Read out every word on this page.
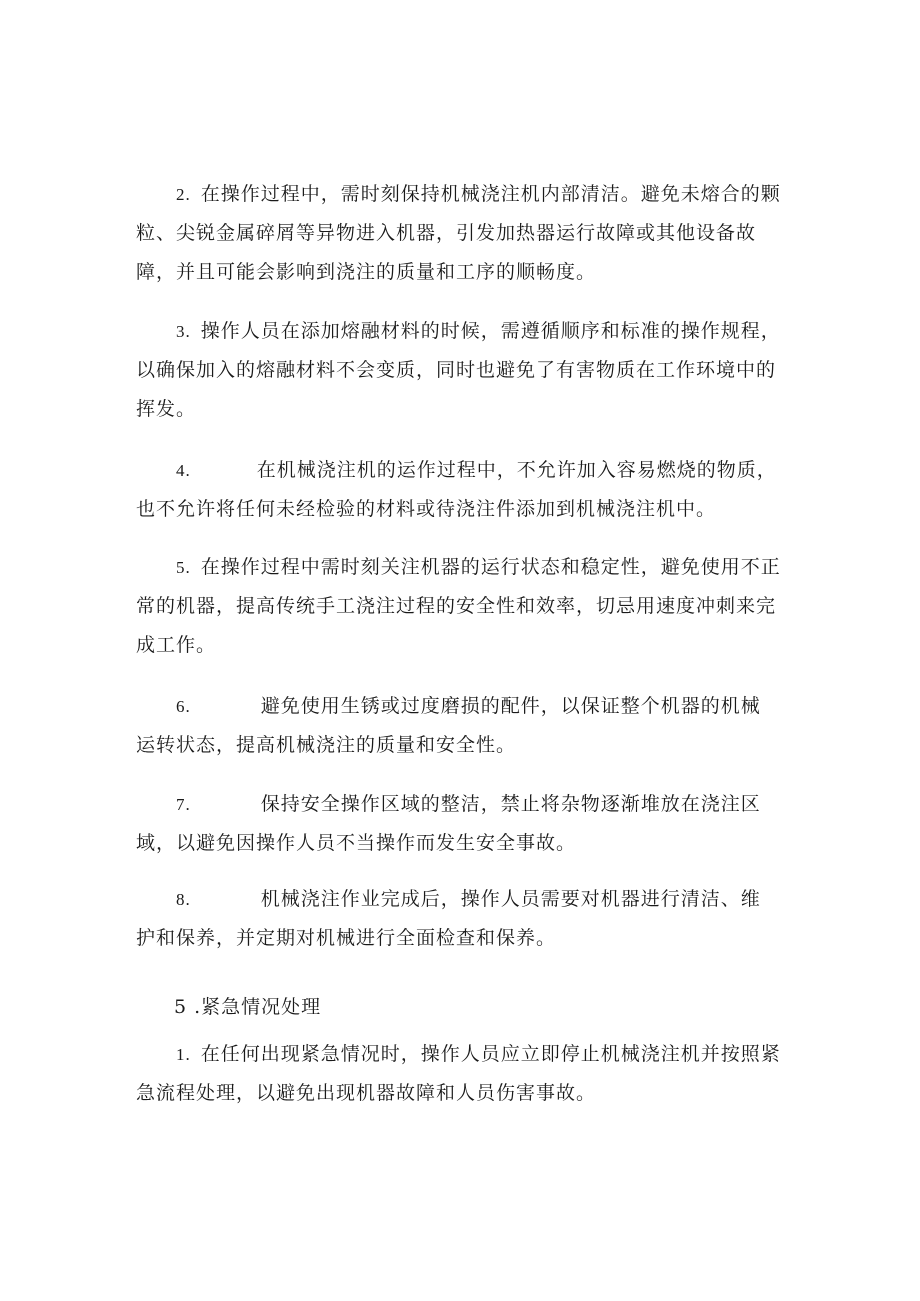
2. 在操作过程中，需时刻保持机械浇注机内部清洁。避免未熔合的颗
粒、尖锐金属碎屑等异物进入机器，引发加热器运行故障或其他设备故
障，并且可能会影响到浇注的质量和工序的顺畅度。
3. 操作人员在添加熔融材料的时候，需遵循顺序和标准的操作规程，
以确保加入的熔融材料不会变质，同时也避免了有害物质在工作环境中的
挥发。
4.	在机械浇注机的运作过程中，不允许加入容易燃烧的物质，
也不允许将任何未经检验的材料或待浇注件添加到机械浇注机中。
5. 在操作过程中需时刻关注机器的运行状态和稳定性，避免使用不正
常的机器，提高传统手工浇注过程的安全性和效率，切忌用速度冲刺来完
成工作。
6.	避免使用生锈或过度磨损的配件，以保证整个机器的机械
运转状态，提高机械浇注的质量和安全性。
7.	保持安全操作区域的整洁，禁止将杂物逐渐堆放在浇注区
域，以避免因操作人员不当操作而发生安全事故。
8.	机械浇注作业完成后，操作人员需要对机器进行清洁、维
护和保养，并定期对机械进行全面检查和保养。
5 .紧急情况处理
1. 在任何出现紧急情况时，操作人员应立即停止机械浇注机并按照紧
急流程处理，以避免出现机器故障和人员伤害事故。
